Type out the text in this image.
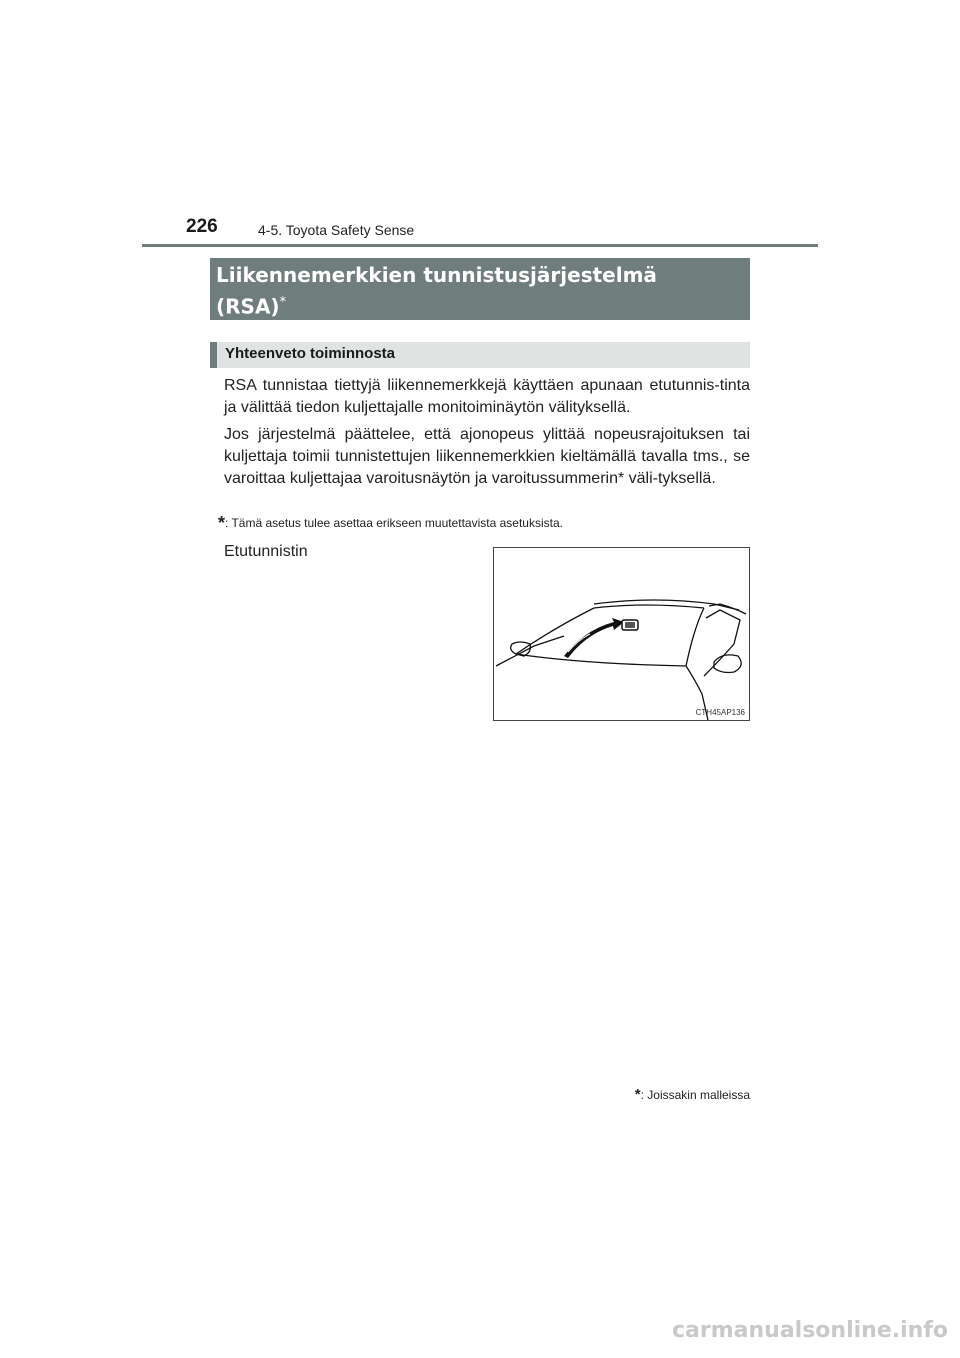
226	4-5. Toyota Safety Sense
Liikennemerkkien tunnistusjärjestelmä
(RSA)*
Yhteenveto toiminnosta

RSA tunnistaa tiettyjä liikennemerkkejä käyttäen apunaan etutunnis-tinta ja välittää tiedon kuljettajalle monitoiminäytön välityksellä.

Jos järjestelmä päättelee, että ajonopeus ylittää nopeusrajoituksen tai kuljettaja toimii tunnistettujen liikennemerkkien kieltämällä tavalla tms., se varoittaa kuljettajaa varoitusnäytön ja varoitussummerin* väli-tyksellä.

*: Tämä asetus tulee asettaa erikseen muutettavista asetuksista.
Etutunnistin
CTH45AP136
*: Joissakin malleissa
carmanualsonline.info
